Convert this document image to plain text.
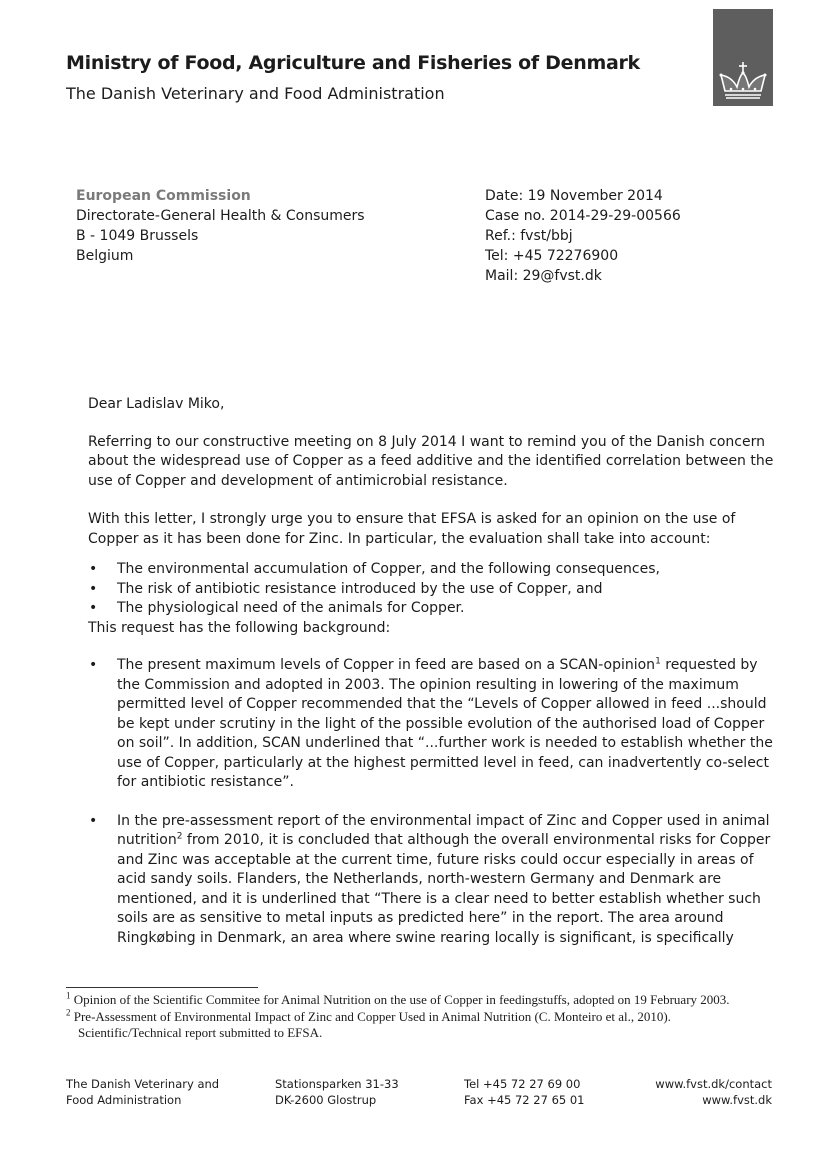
Ministry of Food, Agriculture and Fisheries of Denmark
The Danish Veterinary and Food Administration
European Commission
Directorate-General Health & Consumers
B - 1049 Brussels
Belgium
Date: 19 November 2014
Case no. 2014-29-29-00566
Ref.: fvst/bbj
Tel: +45 72276900
Mail: 29@fvst.dk

Dear Ladislav Miko,

Referring to our constructive meeting on 8 July 2014 I want to remind you of the Danish concern about the widespread use of Copper as a feed additive and the identified correlation between the use of Copper and development of antimicrobial resistance.

With this letter, I strongly urge you to ensure that EFSA is asked for an opinion on the use of Copper as it has been done for Zinc. In particular, the evaluation shall take into account:

• The environmental accumulation of Copper, and the following consequences,
• The risk of antibiotic resistance introduced by the use of Copper, and
• The physiological need of the animals for Copper.

This request has the following background:

• The present maximum levels of Copper in feed are based on a SCAN-opinion$^1$ requested by the Commission and adopted in 2003. The opinion resulting in lowering of the maximum permitted level of Copper recommended that the “Levels of Copper allowed in feed ...should be kept under scrutiny in the light of the possible evolution of the authorised load of Copper on soil”. In addition, SCAN underlined that “...further work is needed to establish whether the use of Copper, particularly at the highest permitted level in feed, can inadvertently co-select for antibiotic resistance”.
• In the pre-assessment report of the environmental impact of Zinc and Copper used in animal nutrition$^2$ from 2010, it is concluded that although the overall environmental risks for Copper and Zinc was acceptable at the current time, future risks could occur especially in areas of acid sandy soils. Flanders, the Netherlands, north-western Germany and Denmark are mentioned, and it is underlined that “There is a clear need to better establish whether such soils are as sensitive to metal inputs as predicted here” in the report. The area around Ringkøbing in Denmark, an area where swine rearing locally is significant, is specifically
$^1$ Opinion of the Scientific Commitee for Animal Nutrition on the use of Copper in feedingstuffs, adopted on 19 February 2003.
$^2$ Pre-Assessment of Environmental Impact of Zinc and Copper Used in Animal Nutrition (C. Monteiro et al., 2010). Scientific/Technical report submitted to EFSA.
The Danish Veterinary and
Food Administration
Stationsparken 31-33
DK-2600 Glostrup
Tel +45 72 27 69 00
Fax +45 72 27 65 01
www.fvst.dk/contact
www.fvst.dk
